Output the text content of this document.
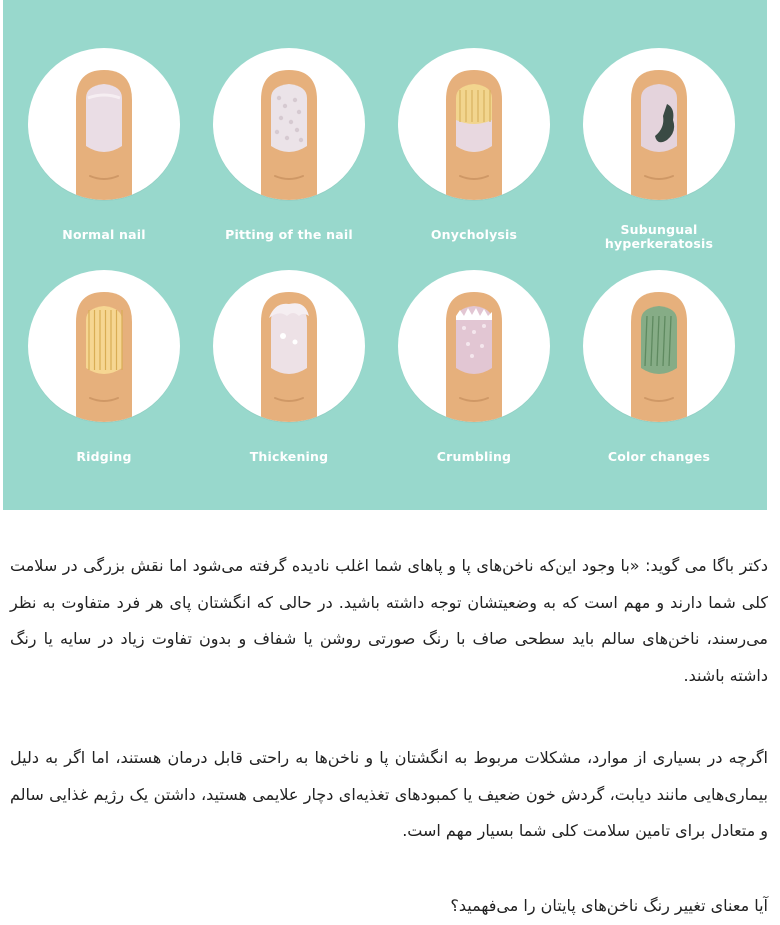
Normal nail	Pitting of the nail	Onycholysis	Subungual hyperkeratosis
Ridging	Thickening	Crumbling	Color changes

دکتر باگا می گوید: «با وجود این‌که ناخن‌های پا و پاهای شما اغلب نادیده گرفته می‌شود اما نقش بزرگی در سلامت کلی شما دارند و مهم است که به وضعیتشان توجه داشته باشید. در حالی که انگشتان پای هر فرد متفاوت به نظر می‌رسند، ناخن‌های سالم باید سطحی صاف با رنگ صورتی روشن یا شفاف و بدون تفاوت زیاد در سایه یا رنگ داشته باشند.

اگرچه در بسیاری از موارد، مشکلات مربوط به انگشتان پا و ناخن‌ها به راحتی قابل درمان هستند، اما اگر به دلیل بیماری‌هایی مانند دیابت، گردش خون ضعیف یا کمبودهای تغذیه‌ای دچار علایمی هستید، داشتن یک رژیم غذایی سالم و متعادل برای تامین سلامت کلی شما بسیار مهم است.

آیا معنای تغییر رنگ ناخن‌های پایتان را می‌فهمید؟
